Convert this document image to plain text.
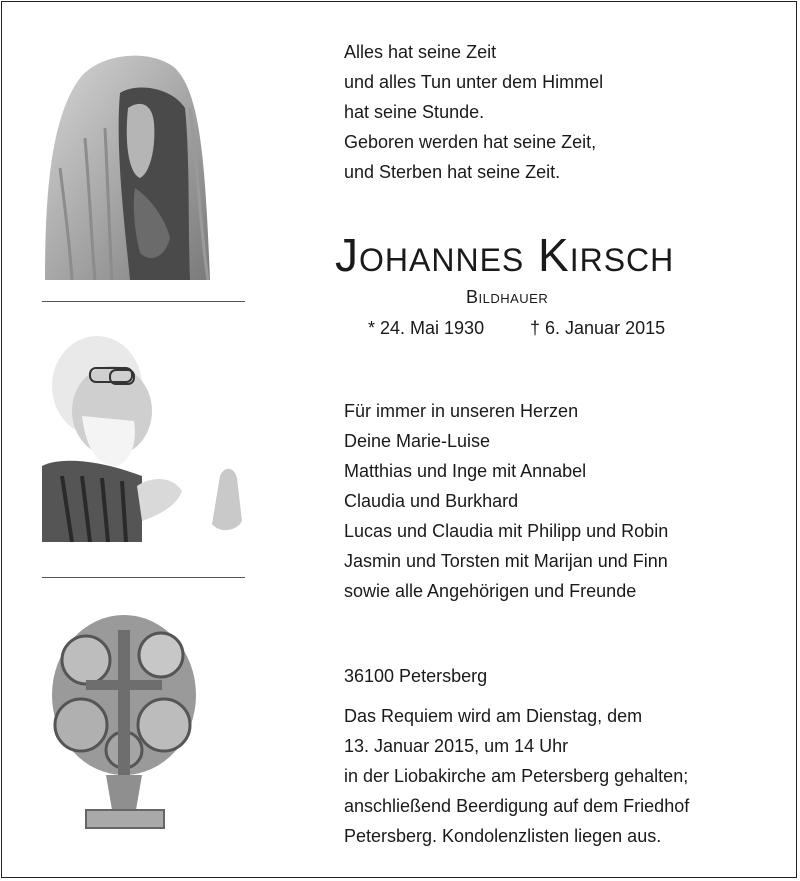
Alles hat seine Zeit
und alles Tun unter dem Himmel
hat seine Stunde.
Geboren werden hat seine Zeit,
und Sterben hat seine Zeit.
Johannes Kirsch
Bildhauer
* 24. Mai 1930	† 6. Januar 2015
Für immer in unseren Herzen
Deine Marie-Luise
Matthias und Inge mit Annabel
Claudia und Burkhard
Lucas und Claudia mit Philipp und Robin
Jasmin und Torsten mit Marijan und Finn
sowie alle Angehörigen und Freunde
36100 Petersberg
Das Requiem wird am Dienstag, dem
13. Januar 2015, um 14 Uhr
in der Liobakirche am Petersberg gehalten;
anschließend Beerdigung auf dem Friedhof
Petersberg. Kondolenzlisten liegen aus.
